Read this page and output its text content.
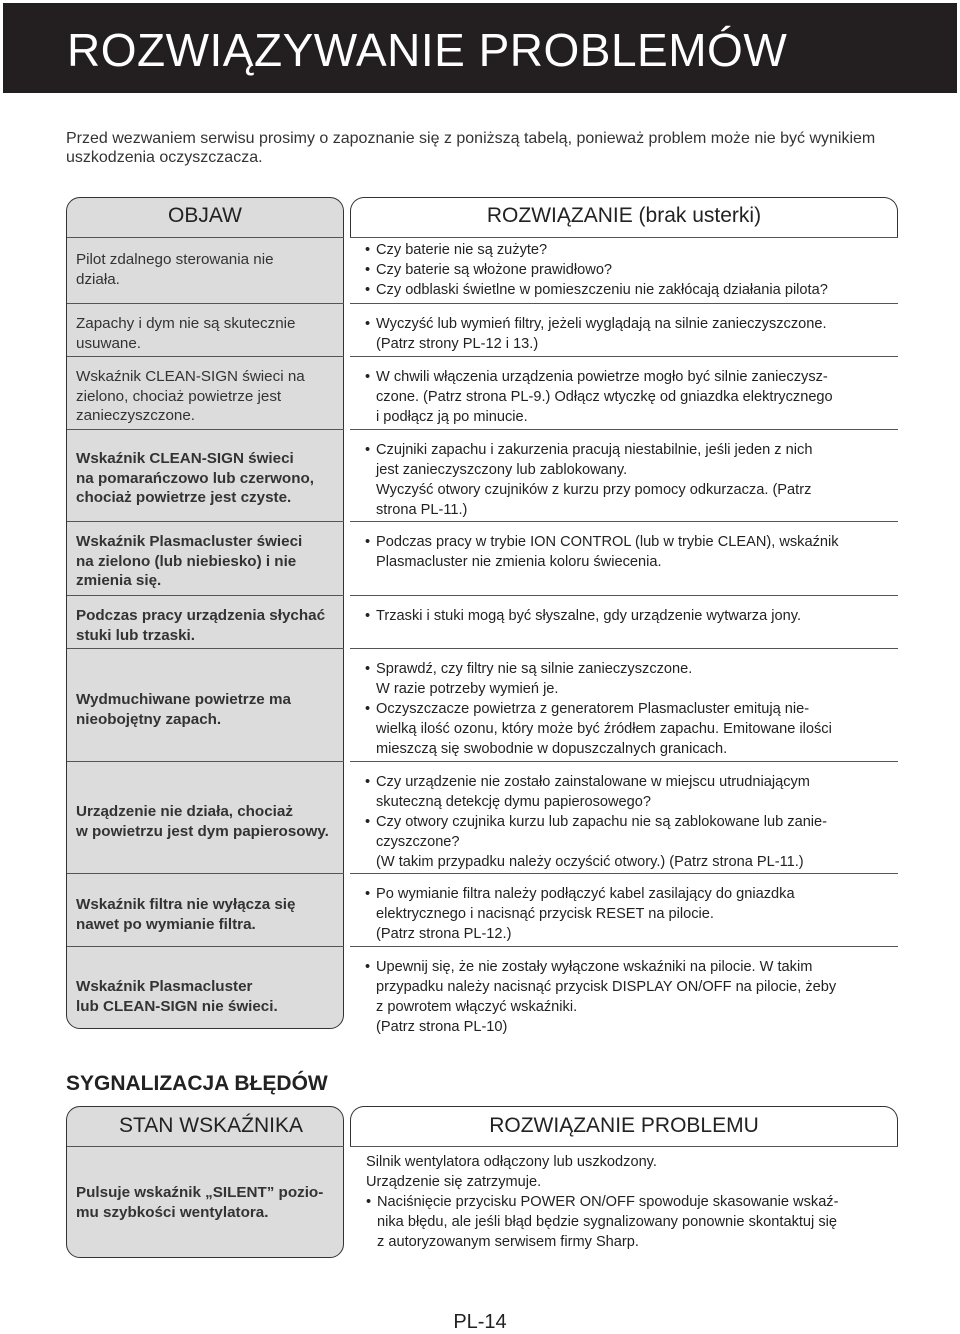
ROZWIĄZYWANIE PROBLEMÓW
Przed wezwaniem serwisu prosimy o zapoznanie się z poniższą tabelą, ponieważ problem może nie być wynikiem uszkodzenia oczyszczacza.
OBJAW	ROZWIĄZANIE (brak usterki)
Pilot zdalnego sterowania nie
działa.
• Czy baterie nie są zużyte?
• Czy baterie są włożone prawidłowo?
• Czy odblaski świetlne w pomieszczeniu nie zakłócają działania pilota?
Zapachy i dym nie są skutecznie
usuwane.
• Wyczyść lub wymień filtry, jeżeli wyglądają na silnie zanieczyszczone.
(Patrz strony PL-12 i 13.)
Wskaźnik CLEAN-SIGN świeci na
zielono, chociaż powietrze jest
zanieczyszczone.
• W chwili włączenia urządzenia powietrze mogło być silnie zanieczysz-
czone. (Patrz strona PL-9.) Odłącz wtyczkę od gniazdka elektrycznego
i podłącz ją po minucie.
Wskaźnik CLEAN-SIGN świeci
na pomarańczowo lub czerwono,
chociaż powietrze jest czyste.
• Czujniki zapachu i zakurzenia pracują niestabilnie, jeśli jeden z nich
jest zanieczyszczony lub zablokowany.
Wyczyść otwory czujników z kurzu przy pomocy odkurzacza. (Patrz
strona PL-11.)
Wskaźnik Plasmacluster świeci
na zielono (lub niebiesko) i nie
zmienia się.
• Podczas pracy w trybie ION CONTROL (lub w trybie CLEAN), wskaźnik
Plasmacluster nie zmienia koloru świecenia.
Podczas pracy urządzenia słychać
stuki lub trzaski.
• Trzaski i stuki mogą być słyszalne, gdy urządzenie wytwarza jony.
Wydmuchiwane powietrze ma
nieobojętny zapach.
• Sprawdź, czy filtry nie są silnie zanieczyszczone.
W razie potrzeby wymień je.
• Oczyszczacze powietrza z generatorem Plasmacluster emitują nie-
wielką ilość ozonu, który może być źródłem zapachu. Emitowane ilości
mieszczą się swobodnie w dopuszczalnych granicach.
Urządzenie nie działa, chociaż
w powietrzu jest dym papierosowy.
• Czy urządzenie nie zostało zainstalowane w miejscu utrudniającym
skuteczną detekcję dymu papierosowego?
• Czy otwory czujnika kurzu lub zapachu nie są zablokowane lub zanie-
czyszczone?
(W takim przypadku należy oczyścić otwory.) (Patrz strona PL-11.)
Wskaźnik filtra nie wyłącza się
nawet po wymianie filtra.
• Po wymianie filtra należy podłączyć kabel zasilający do gniazdka
elektrycznego i nacisnąć przycisk RESET na pilocie.
(Patrz strona PL-12.)
Wskaźnik Plasmacluster
lub CLEAN-SIGN nie świeci.
• Upewnij się, że nie zostały wyłączone wskaźniki na pilocie. W takim
przypadku należy nacisnąć przycisk DISPLAY ON/OFF na pilocie, żeby
z powrotem włączyć wskaźniki.
(Patrz strona PL-10)
SYGNALIZACJA BŁĘDÓW
STAN WSKAŹNIKA	ROZWIĄZANIE PROBLEMU
Pulsuje wskaźnik „SILENT” pozio-
mu szybkości wentylatora.
Silnik wentylatora odłączony lub uszkodzony.
Urządzenie się zatrzymuje.
• Naciśnięcie przycisku POWER ON/OFF spowoduje skasowanie wskaź-
nika błędu, ale jeśli błąd będzie sygnalizowany ponownie skontaktuj się
z autoryzowanym serwisem firmy Sharp.
PL-14
